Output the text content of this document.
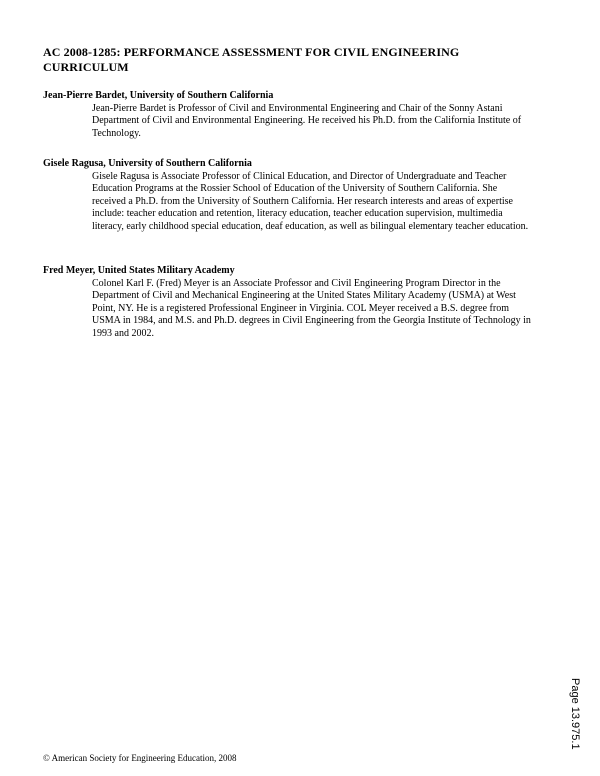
AC 2008-1285: PERFORMANCE ASSESSMENT FOR CIVIL ENGINEERING CURRICULUM

Jean-Pierre Bardet, University of Southern California

Jean-Pierre Bardet is Professor of Civil and Environmental Engineering and Chair of the Sonny Astani Department of Civil and Environmental Engineering. He received his Ph.D. from the California Institute of Technology.

Gisele Ragusa, University of Southern California

Gisele Ragusa is Associate Professor of Clinical Education, and Director of Undergraduate and Teacher Education Programs at the Rossier School of Education of the University of Southern California. She received a Ph.D. from the University of Southern California. Her research interests and areas of expertise include: teacher education and retention, literacy education, teacher education supervision, multimedia literacy, early childhood special education, deaf education, as well as bilingual elementary teacher education.

Fred Meyer, United States Military Academy

Colonel Karl F. (Fred) Meyer is an Associate Professor and Civil Engineering Program Director in the Department of Civil and Mechanical Engineering at the United States Military Academy (USMA) at West Point, NY. He is a registered Professional Engineer in Virginia. COL Meyer received a B.S. degree from USMA in 1984, and M.S. and Ph.D. degrees in Civil Engineering from the Georgia Institute of Technology in 1993 and 2002.

Page 13.975.1
© American Society for Engineering Education, 2008
